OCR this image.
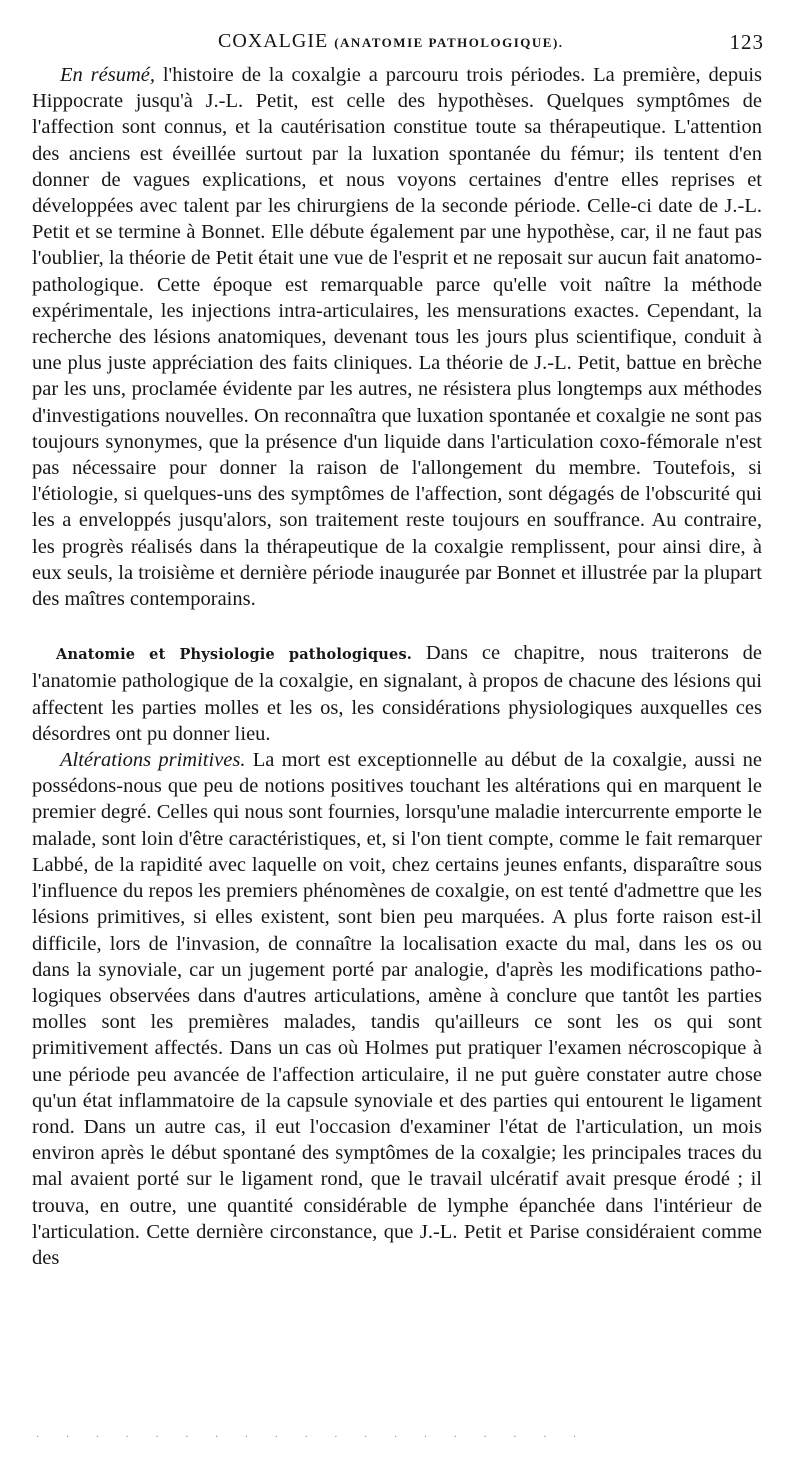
COXALGIE (ANATOMIE PATHOLOGIQUE).	123

En résumé, l'histoire de la coxalgie a parcouru trois périodes. La première, depuis Hippocrate jusqu'à J.-L. Petit, est celle des hypothèses. Quelques symptômes de l'affection sont connus, et la cautérisation constitue toute sa thérapeutique. L'attention des anciens est éveillée surtout par la luxation spontanée du fémur; ils tentent d'en donner de vagues explications, et nous voyons certaines d'entre elles reprises et développées avec talent par les chirurgiens de la seconde période. Celle-ci date de J.-L. Petit et se termine à Bonnet. Elle débute également par une hypothèse, car, il ne faut pas l'oublier, la théorie de Petit était une vue de l'esprit et ne reposait sur aucun fait anatomo-pathologique. Cette époque est remarquable parce qu'elle voit naître la méthode expérimentale, les injections intra-articulaires, les mensurations exactes. Cependant, la recherche des lésions anatomiques, devenant tous les jours plus scientifique, conduit à une plus juste appréciation des faits cliniques. La théorie de J.-L. Petit, battue en brèche par les uns, proclamée évidente par les autres, ne résistera plus longtemps aux méthodes d'investigations nouvelles. On reconnaîtra que luxation spontanée et coxalgie ne sont pas toujours synonymes, que la présence d'un liquide dans l'articulation coxo-fémorale n'est pas nécessaire pour donner la raison de l'allongement du membre. Toutefois, si l'étiologie, si quelques-uns des symptômes de l'affection, sont dégagés de l'obscurité qui les a enveloppés jusqu'alors, son traitement reste toujours en souffrance. Au contraire, les progrès réalisés dans la thérapeutique de la coxalgie remplissent, pour ainsi dire, à eux seuls, la troisième et dernière période inaugurée par Bonnet et illustrée par la plupart des maîtres contemporains.

Anatomie et Physiologie pathologiques. Dans ce chapitre, nous traiterons de l'anatomie pathologique de la coxalgie, en signalant, à propos de chacune des lésions qui affectent les parties molles et les os, les considérations physiologiques auxquelles ces désordres ont pu donner lieu.

Altérations primitives. La mort est exceptionnelle au début de la coxalgie, aussi ne possédons-nous que peu de notions positives touchant les altérations qui en marquent le premier degré. Celles qui nous sont fournies, lorsqu'une maladie intercurrente emporte le malade, sont loin d'être caractéristiques, et, si l'on tient compte, comme le fait remarquer Labbé, de la rapidité avec laquelle on voit, chez certains jeunes enfants, disparaître sous l'influence du repos les premiers phénomènes de coxalgie, on est tenté d'admettre que les lésions primitives, si elles existent, sont bien peu marquées. A plus forte raison est-il difficile, lors de l'invasion, de connaître la localisation exacte du mal, dans les os ou dans la synoviale, car un jugement porté par analogie, d'après les modifications pathologiques observées dans d'autres articulations, amène à conclure que tantôt les parties molles sont les premières malades, tandis qu'ailleurs ce sont les os qui sont primitivement affectés. Dans un cas où Holmes put pratiquer l'examen nécroscopique à une période peu avancée de l'affection articulaire, il ne put guère constater autre chose qu'un état inflammatoire de la capsule synoviale et des parties qui entourent le ligament rond. Dans un autre cas, il eut l'occasion d'examiner l'état de l'articulation, un mois environ après le début spontané des symptômes de la coxalgie; les principales traces du mal avaient porté sur le ligament rond, que le travail ulcératif avait presque érodé ; il trouva, en outre, une quantité considérable de lymphe épanchée dans l'intérieur de l'articulation. Cette dernière circonstance, que J.-L. Petit et Parise considéraient comme des

· · · · · · · · · · · · · · · · · · ·
